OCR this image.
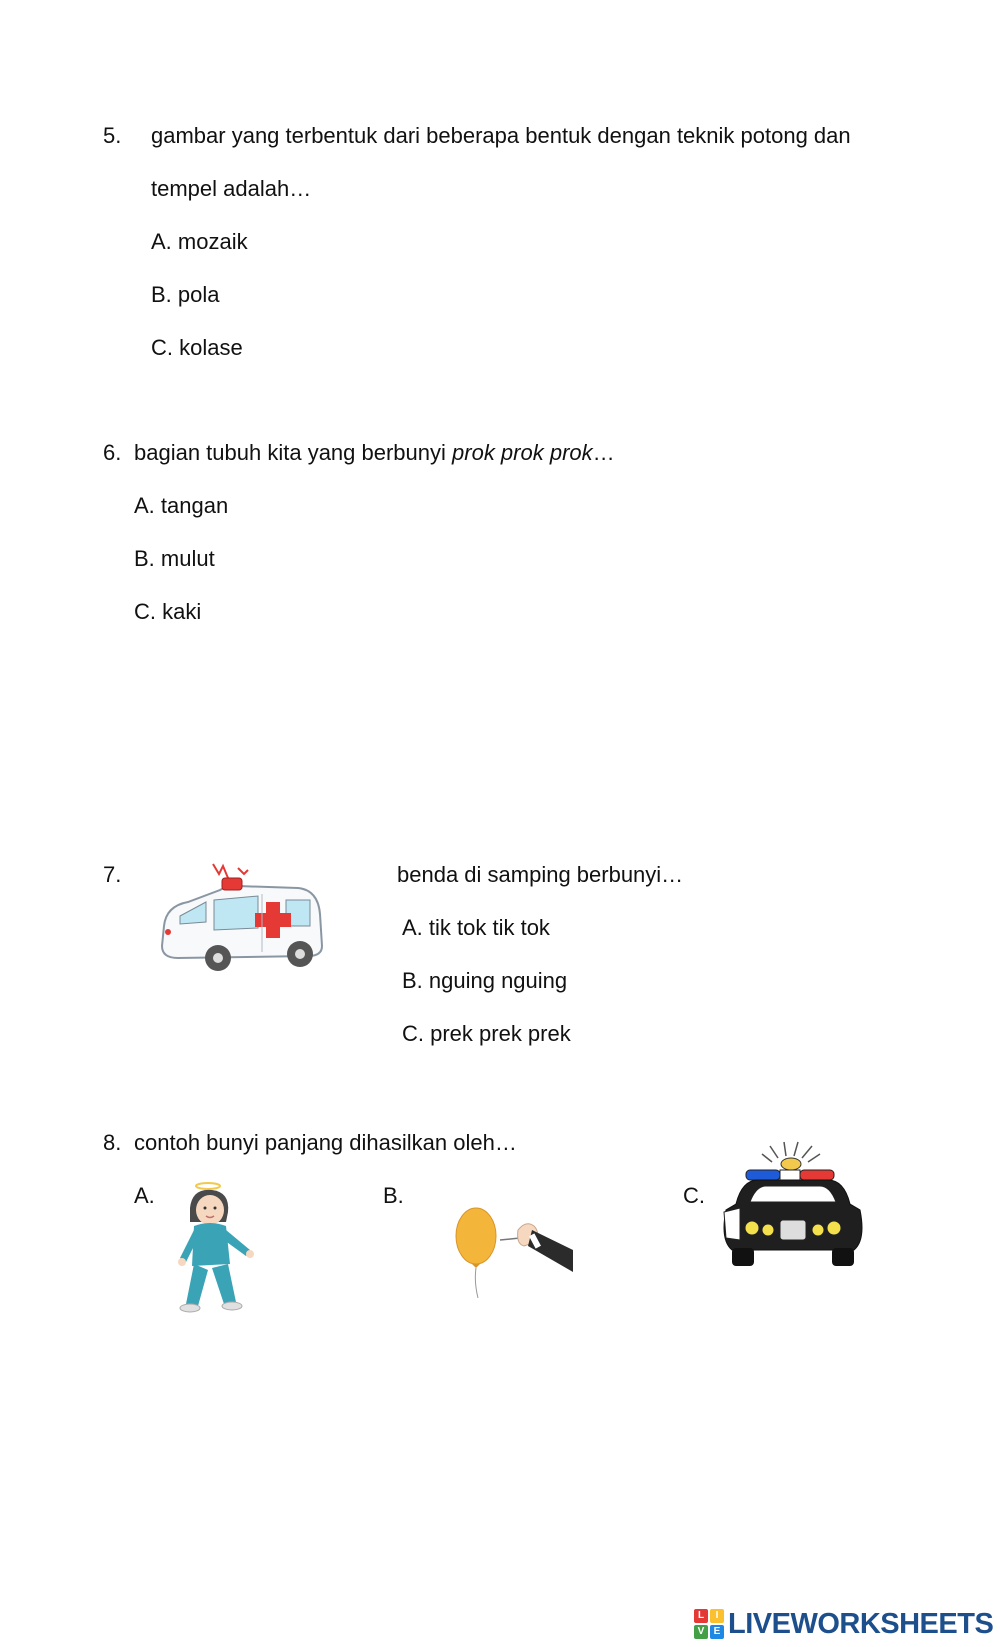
5. gambar yang terbentuk dari beberapa bentuk dengan teknik potong dan
tempel adalah…
A. mozaik
B. pola
C. kolase
6. bagian tubuh kita yang berbunyi prok prok prok…
A. tangan
B. mulut
C. kaki
7.	benda di samping berbunyi…
A. tik tok tik tok
B. nguing nguing
C. prek prek prek
8. contoh bunyi panjang dihasilkan oleh…
A.	B.	C.
L	I
V E LIVEWORKSHEETS
